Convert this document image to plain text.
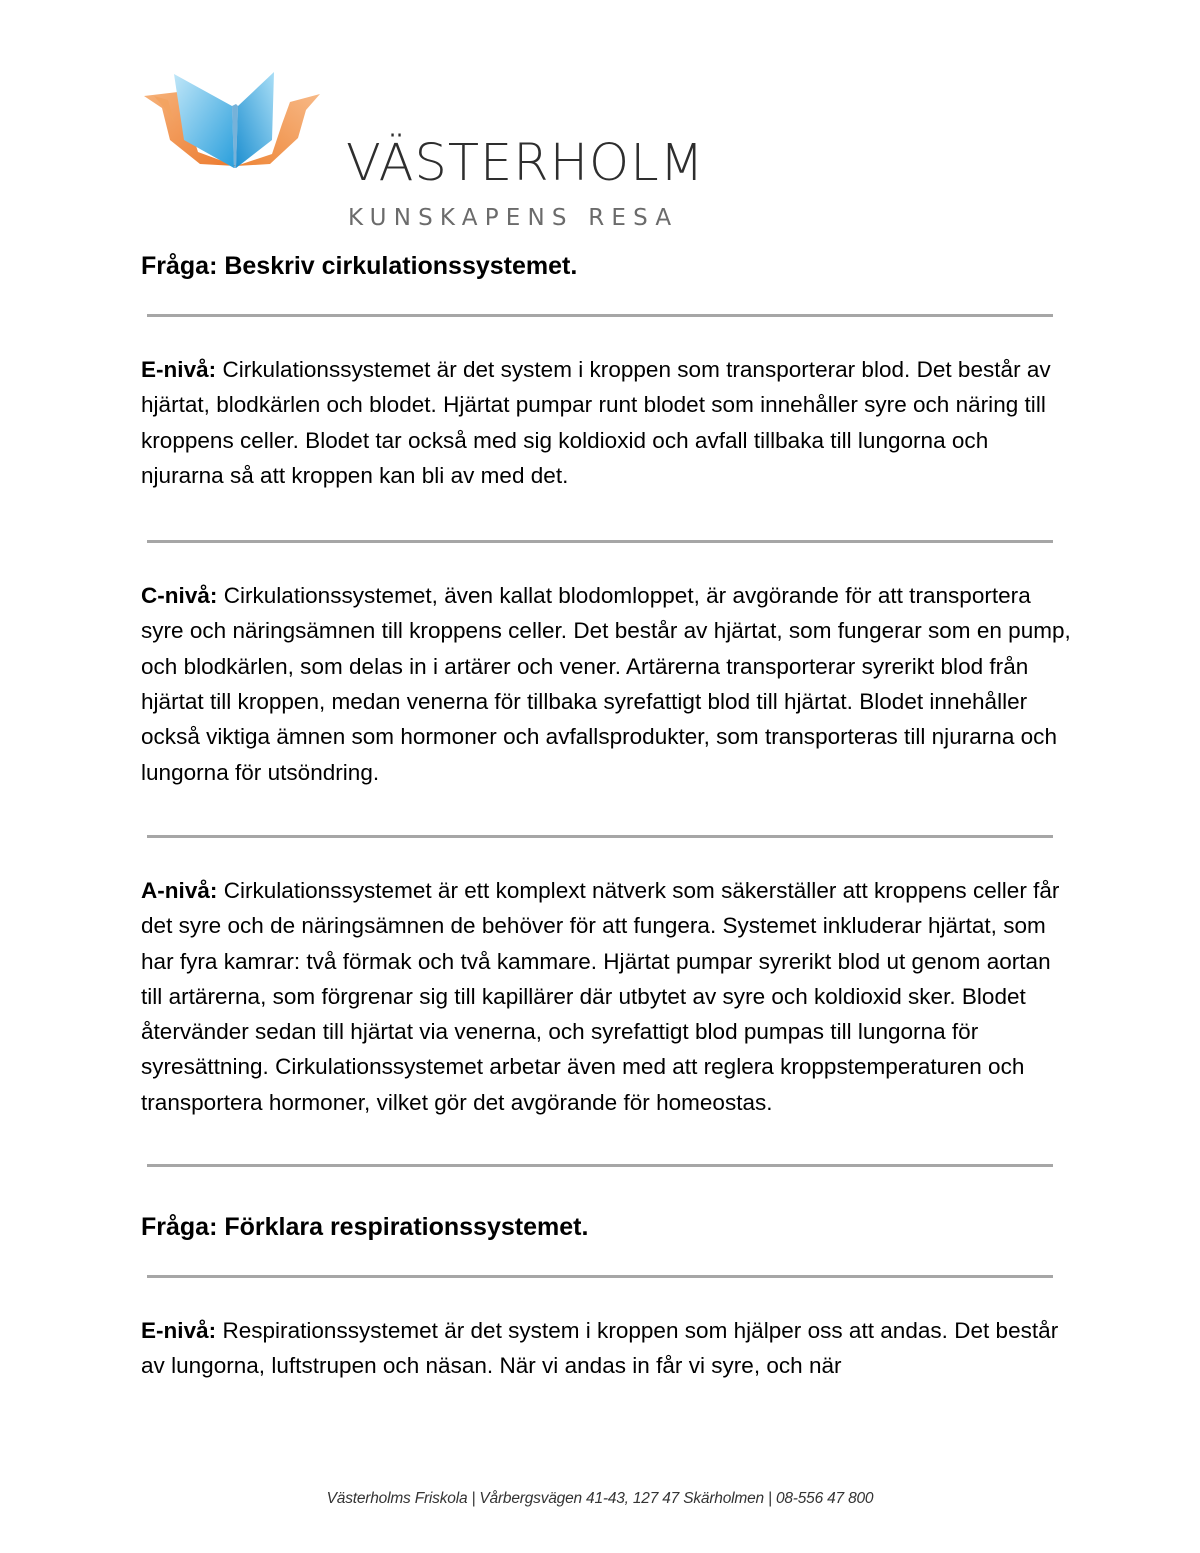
VÄSTERHOLM
KUNSKAPENS RESA

Fråga: Beskriv cirkulationssystemet.

E-nivå: Cirkulationssystemet är det system i kroppen som transporterar blod. Det består av hjärtat, blodkärlen och blodet. Hjärtat pumpar runt blodet som innehåller syre och näring till kroppens celler. Blodet tar också med sig koldioxid och avfall tillbaka till lungorna och njurarna så att kroppen kan bli av med det.

C-nivå: Cirkulationssystemet, även kallat blodomloppet, är avgörande för att transportera syre och näringsämnen till kroppens celler. Det består av hjärtat, som fungerar som en pump, och blodkärlen, som delas in i artärer och vener. Artärerna transporterar syrerikt blod från hjärtat till kroppen, medan venerna för tillbaka syrefattigt blod till hjärtat. Blodet innehåller också viktiga ämnen som hormoner och avfallsprodukter, som transporteras till njurarna och lungorna för utsöndring.

A-nivå: Cirkulationssystemet är ett komplext nätverk som säkerställer att kroppens celler får det syre och de näringsämnen de behöver för att fungera. Systemet inkluderar hjärtat, som har fyra kamrar: två förmak och två kammare. Hjärtat pumpar syrerikt blod ut genom aortan till artärerna, som förgrenar sig till kapillärer där utbytet av syre och koldioxid sker. Blodet återvänder sedan till hjärtat via venerna, och syrefattigt blod pumpas till lungorna för syresättning. Cirkulationssystemet arbetar även med att reglera kroppstemperaturen och transportera hormoner, vilket gör det avgörande för homeostas.

Fråga: Förklara respirationssystemet.

E-nivå: Respirationssystemet är det system i kroppen som hjälper oss att andas. Det består av lungorna, luftstrupen och näsan. När vi andas in får vi syre, och när

Västerholms Friskola | Vårbergsvägen 41-43, 127 47 Skärholmen | 08-556 47 800
